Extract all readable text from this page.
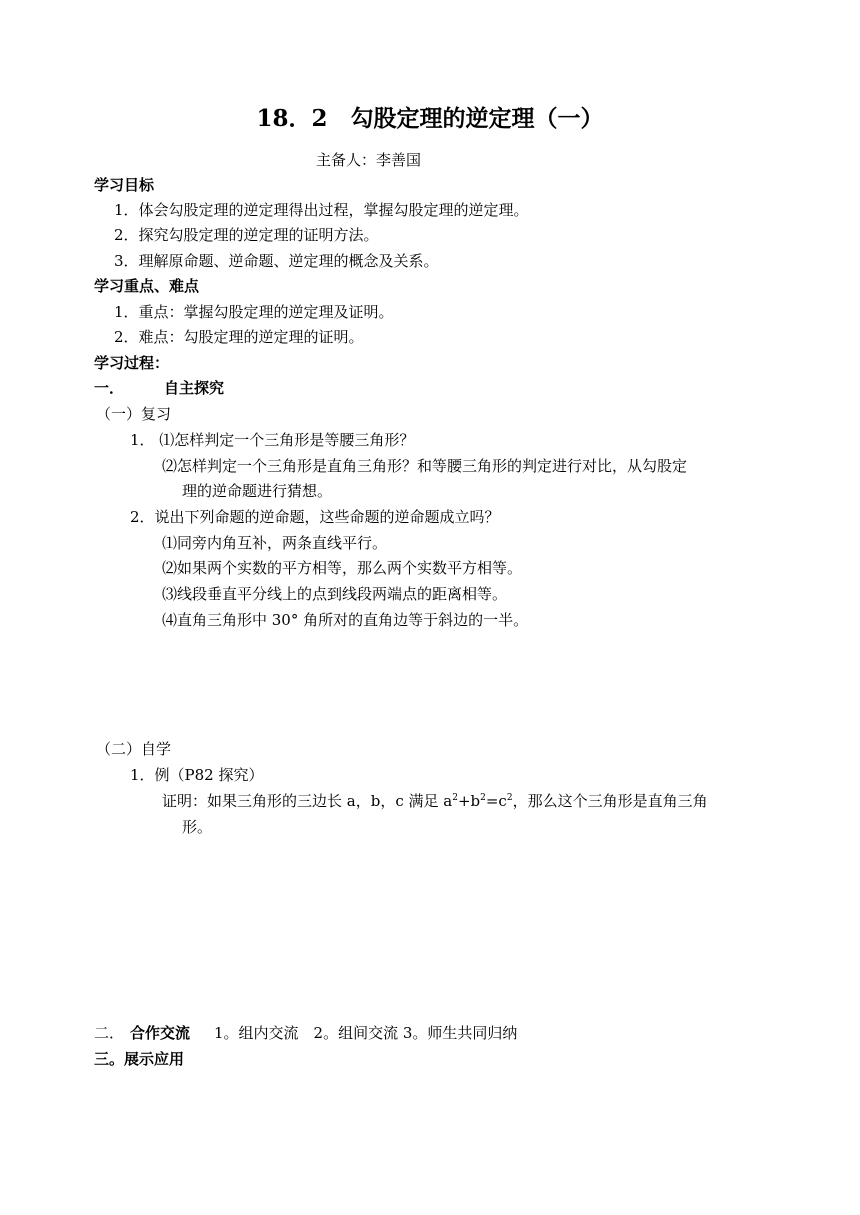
18．2　勾股定理的逆定理（一）
主备人：李善国
学习目标
1．体会勾股定理的逆定理得出过程，掌握勾股定理的逆定理。
2．探究勾股定理的逆定理的证明方法。
3．理解原命题、逆命题、逆定理的概念及关系。
学习重点、难点
1．重点：掌握勾股定理的逆定理及证明。
2．难点：勾股定理的逆定理的证明。
学习过程：
一．	自主探究
（一）复习
1． ⑴怎样判定一个三角形是等腰三角形？
⑵怎样判定一个三角形是直角三角形？和等腰三角形的判定进行对比，从勾股定
理的逆命题进行猜想。
2．说出下列命题的逆命题，这些命题的逆命题成立吗？
⑴同旁内角互补，两条直线平行。
⑵如果两个实数的平方相等，那么两个实数平方相等。
⑶线段垂直平分线上的点到线段两端点的距离相等。
⑷直角三角形中 30° 角所对的直角边等于斜边的一半。
（二）自学
1．例（P82 探究）
证明：如果三角形的三边长 a，b，c 满足 $a^2+b^2=c^2$，那么这个三角形是直角三角
形。
二． 合作交流 1。组内交流　2。组间交流 3。师生共同归纳
三。展示应用
